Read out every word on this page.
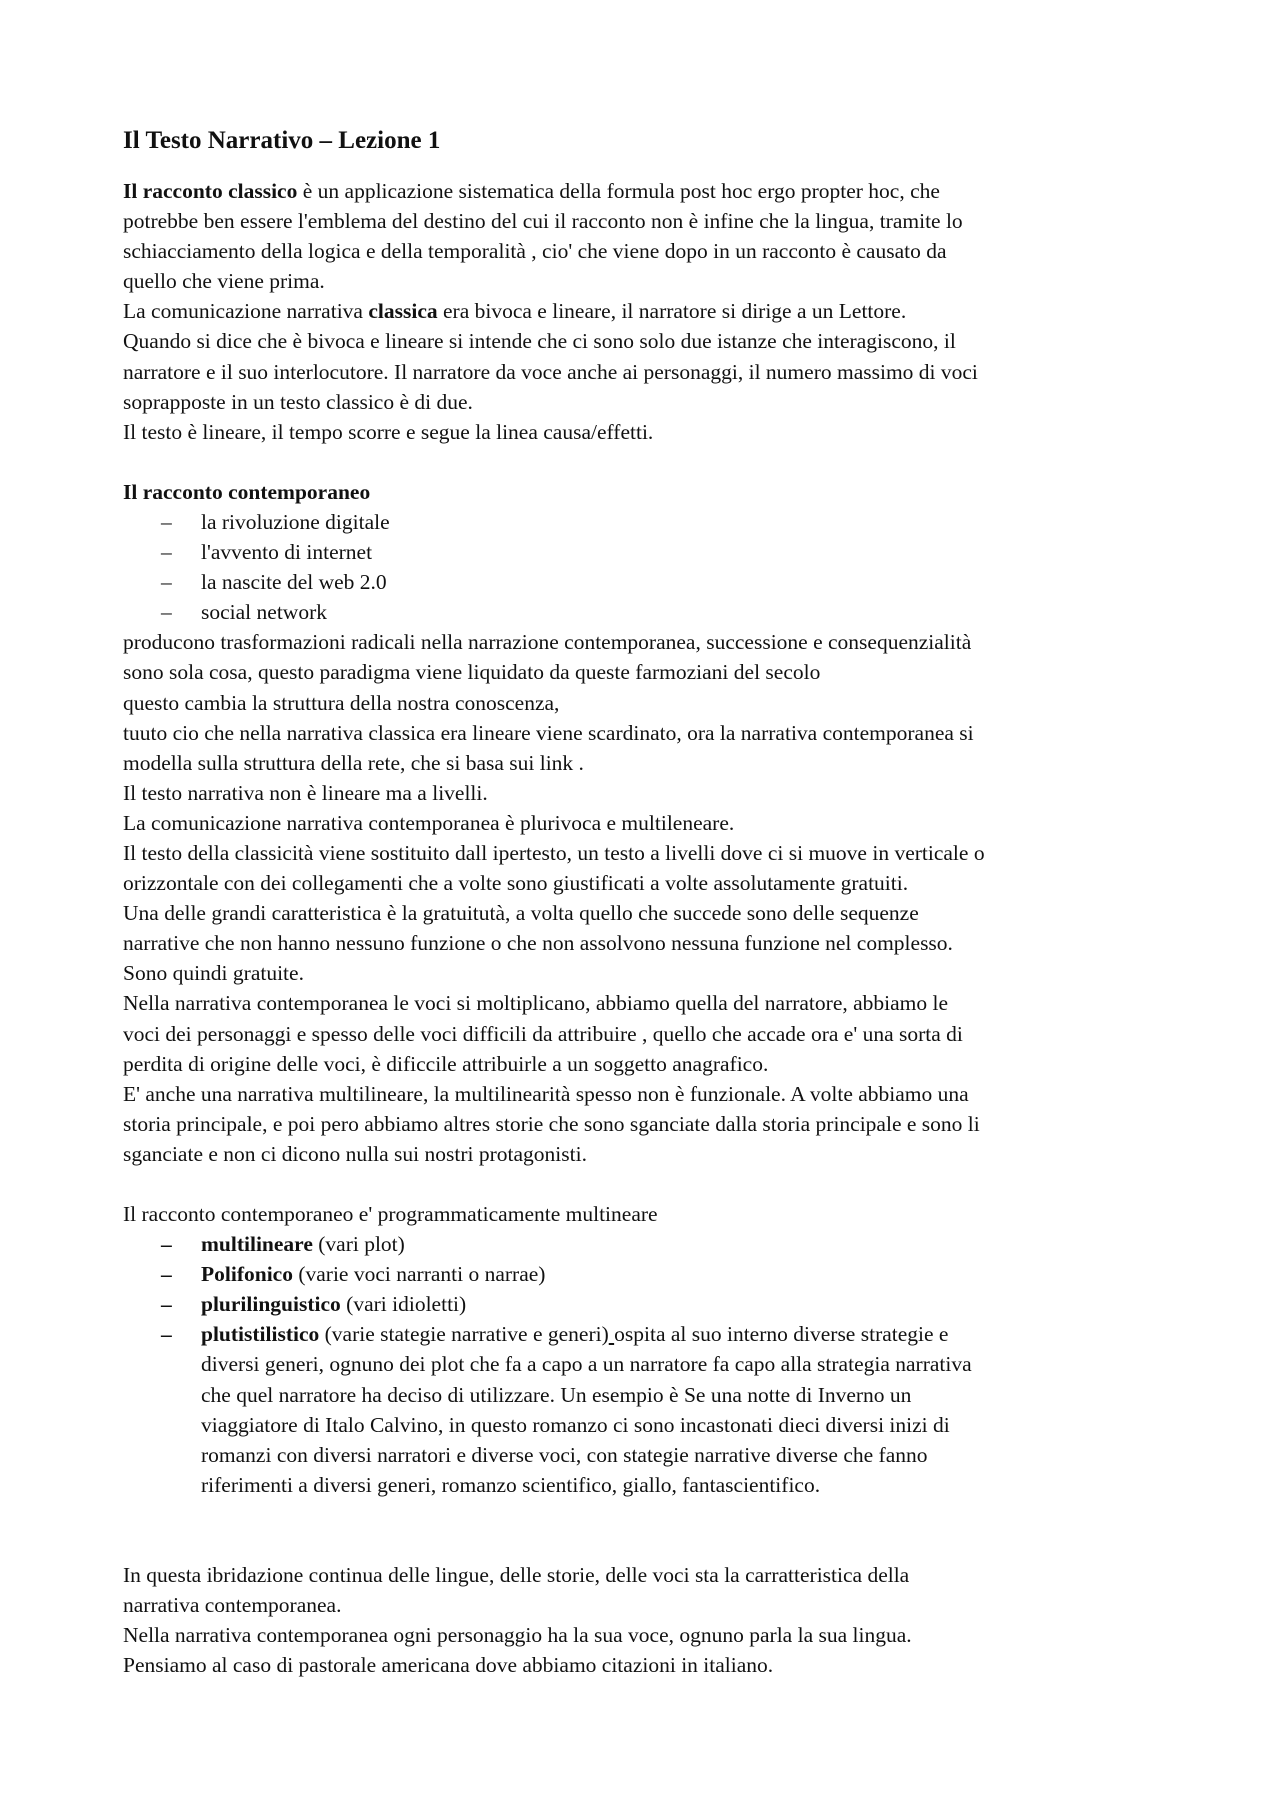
Il Testo Narrativo – Lezione 1
Il racconto classico è un applicazione sistematica della formula post hoc ergo propter hoc, che
potrebbe ben essere l'emblema del destino del cui il racconto non è infine che la lingua, tramite lo
schiacciamento della logica e della temporalità , cio' che viene dopo in un racconto è causato da
quello che viene prima.
La comunicazione narrativa classica era bivoca e lineare, il narratore si dirige a un Lettore.
Quando si dice che è bivoca e lineare si intende che ci sono solo due istanze che interagiscono, il
narratore e il suo interlocutore. Il narratore da voce anche ai personaggi, il numero massimo di voci
soprapposte in un testo classico è di due.
Il testo è lineare, il tempo scorre e segue la linea causa/effetti.
Il racconto contemporaneo
–	la rivoluzione digitale
–	l'avvento di internet
–	la nascite del web 2.0
–	social network
producono trasformazioni radicali nella narrazione contemporanea, successione e consequenzialità
sono sola cosa, questo paradigma viene liquidato da queste farmoziani del secolo
questo cambia la struttura della nostra conoscenza,
tuuto cio che nella narrativa classica era lineare viene scardinato, ora la narrativa contemporanea si
modella sulla struttura della rete, che si basa sui link .
Il testo narrativa non è lineare ma a livelli.
La comunicazione narrativa contemporanea è plurivoca e multileneare.
Il testo della classicità viene sostituito dall ipertesto, un testo a livelli dove ci si muove in verticale o
orizzontale con dei collegamenti che a volte sono giustificati a volte assolutamente gratuiti.
Una delle grandi caratteristica è la gratuitutà, a volta quello che succede sono delle sequenze
narrative che non hanno nessuno funzione o che non assolvono nessuna funzione nel complesso.
Sono quindi gratuite.
Nella narrativa contemporanea le voci si moltiplicano, abbiamo quella del narratore, abbiamo le
voci dei personaggi e spesso delle voci difficili da attribuire , quello che accade ora e' una sorta di
perdita di origine delle voci, è dificcile attribuirle a un soggetto anagrafico.
E' anche una narrativa multilineare, la multilinearità spesso non è funzionale. A volte abbiamo una
storia principale, e poi pero abbiamo altres storie che sono sganciate dalla storia principale e sono li
sganciate e non ci dicono nulla sui nostri protagonisti.
Il racconto contemporaneo e' programmaticamente multineare
–	multilineare (vari plot)
–	Polifonico (varie voci narranti o narrae)
–	plurilinguistico (vari idioletti)
–	plutistilistico (varie stategie narrative e generi) ospita al suo interno diverse strategie e
diversi generi, ognuno dei plot che fa a capo a un narratore fa capo alla strategia narrativa
che quel narratore ha deciso di utilizzare. Un esempio è Se una notte di Inverno un
viaggiatore di Italo Calvino, in questo romanzo ci sono incastonati dieci diversi inizi di
romanzi con diversi narratori e diverse voci, con stategie narrative diverse che fanno
riferimenti a diversi generi, romanzo scientifico, giallo, fantascientifico.
In questa ibridazione continua delle lingue, delle storie, delle voci sta la carratteristica della
narrativa contemporanea.
Nella narrativa contemporanea ogni personaggio ha la sua voce, ognuno parla la sua lingua.
Pensiamo al caso di pastorale americana dove abbiamo citazioni in italiano.
